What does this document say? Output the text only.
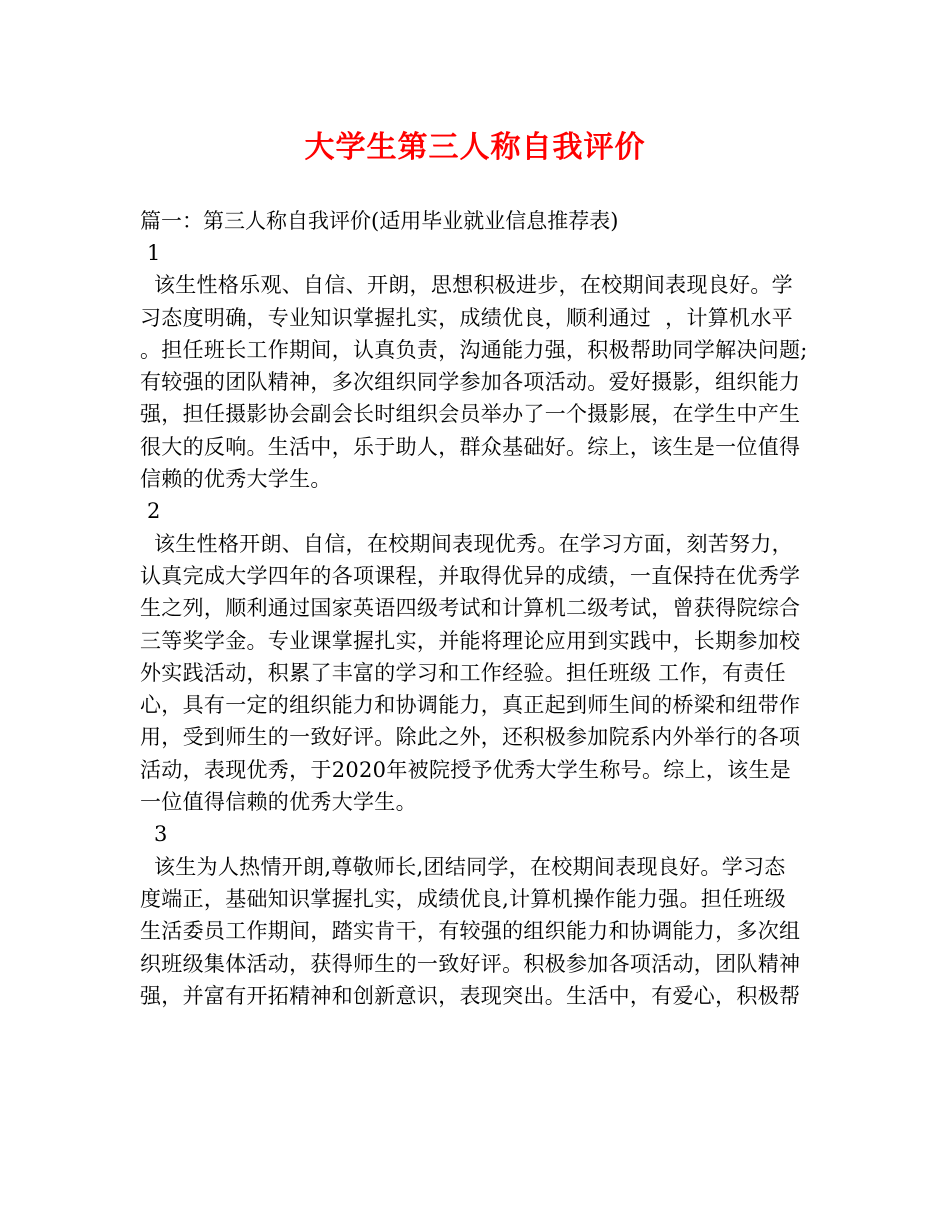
大学生第三人称自我评价
篇一：第三人称自我评价(适用毕业就业信息推荐表)
1
该生性格乐观、自信、开朗，思想积极进步，在校期间表现良好。学
习态度明确，专业知识掌握扎实，成绩优良，顺利通过  ，计算机水平
。担任班长工作期间，认真负责，沟通能力强，积极帮助同学解决问题;
有较强的团队精神，多次组织同学参加各项活动。爱好摄影，组织能力
强，担任摄影协会副会长时组织会员举办了一个摄影展，在学生中产生
很大的反响。生活中，乐于助人，群众基础好。综上，该生是一位值得
信赖的优秀大学生。
2
该生性格开朗、自信，在校期间表现优秀。在学习方面，刻苦努力，
认真完成大学四年的各项课程，并取得优异的成绩，一直保持在优秀学
生之列，顺利通过国家英语四级考试和计算机二级考试，曾获得院综合
三等奖学金。专业课掌握扎实，并能将理论应用到实践中，长期参加校
外实践活动，积累了丰富的学习和工作经验。担任班级 工作，有责任
心，具有一定的组织能力和协调能力，真正起到师生间的桥梁和纽带作
用，受到师生的一致好评。除此之外，还积极参加院系内外举行的各项
活动，表现优秀，于2020年被院授予优秀大学生称号。综上，该生是
一位值得信赖的优秀大学生。
3
该生为人热情开朗,尊敬师长,团结同学，在校期间表现良好。学习态
度端正，基础知识掌握扎实，成绩优良,计算机操作能力强。担任班级
生活委员工作期间，踏实肯干，有较强的组织能力和协调能力，多次组
织班级集体活动，获得师生的一致好评。积极参加各项活动，团队精神
强，并富有开拓精神和创新意识，表现突出。生活中，有爱心，积极帮
